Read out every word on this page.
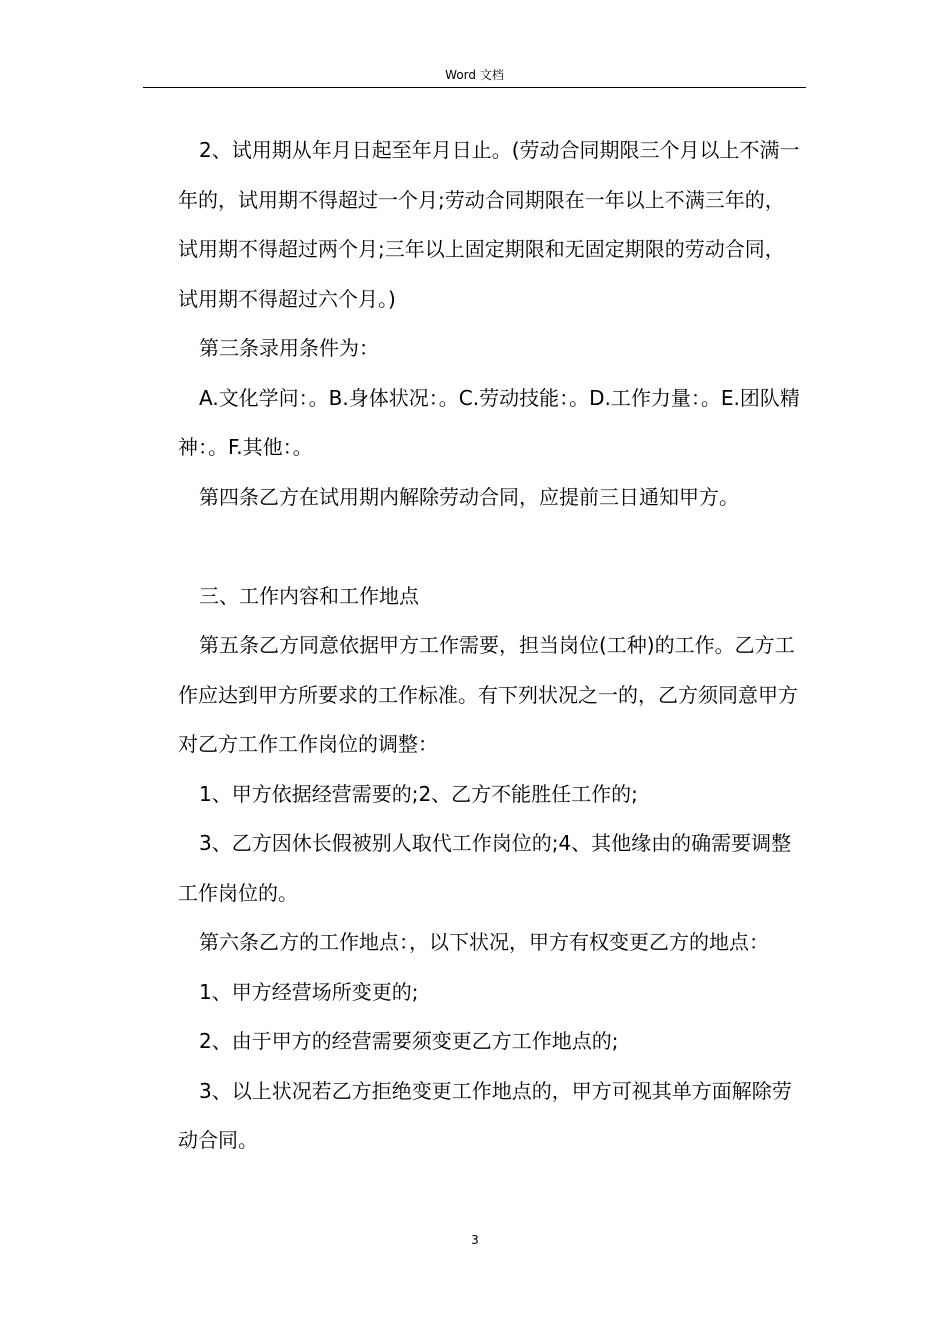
Word 文档

2、试用期从年月日起至年月日止。(劳动合同期限三个月以上不满一年的，试用期不得超过一个月;劳动合同期限在一年以上不满三年的，试用期不得超过两个月;三年以上固定期限和无固定期限的劳动合同，试用期不得超过六个月。)

第三条录用条件为：

A.文化学问：。B.身体状况：。C.劳动技能：。D.工作力量：。E.团队精神：。F.其他：。

第四条乙方在试用期内解除劳动合同，应提前三日通知甲方。

三、工作内容和工作地点

第五条乙方同意依据甲方工作需要，担当岗位(工种)的工作。乙方工作应达到甲方所要求的工作标准。有下列状况之一的，乙方须同意甲方对乙方工作工作岗位的调整：

1、甲方依据经营需要的;2、乙方不能胜任工作的;

3、乙方因休长假被别人取代工作岗位的;4、其他缘由的确需要调整工作岗位的。

第六条乙方的工作地点：，以下状况，甲方有权变更乙方的地点：

1、甲方经营场所变更的;

2、由于甲方的经营需要须变更乙方工作地点的;

3、以上状况若乙方拒绝变更工作地点的，甲方可视其单方面解除劳动合同。

3
